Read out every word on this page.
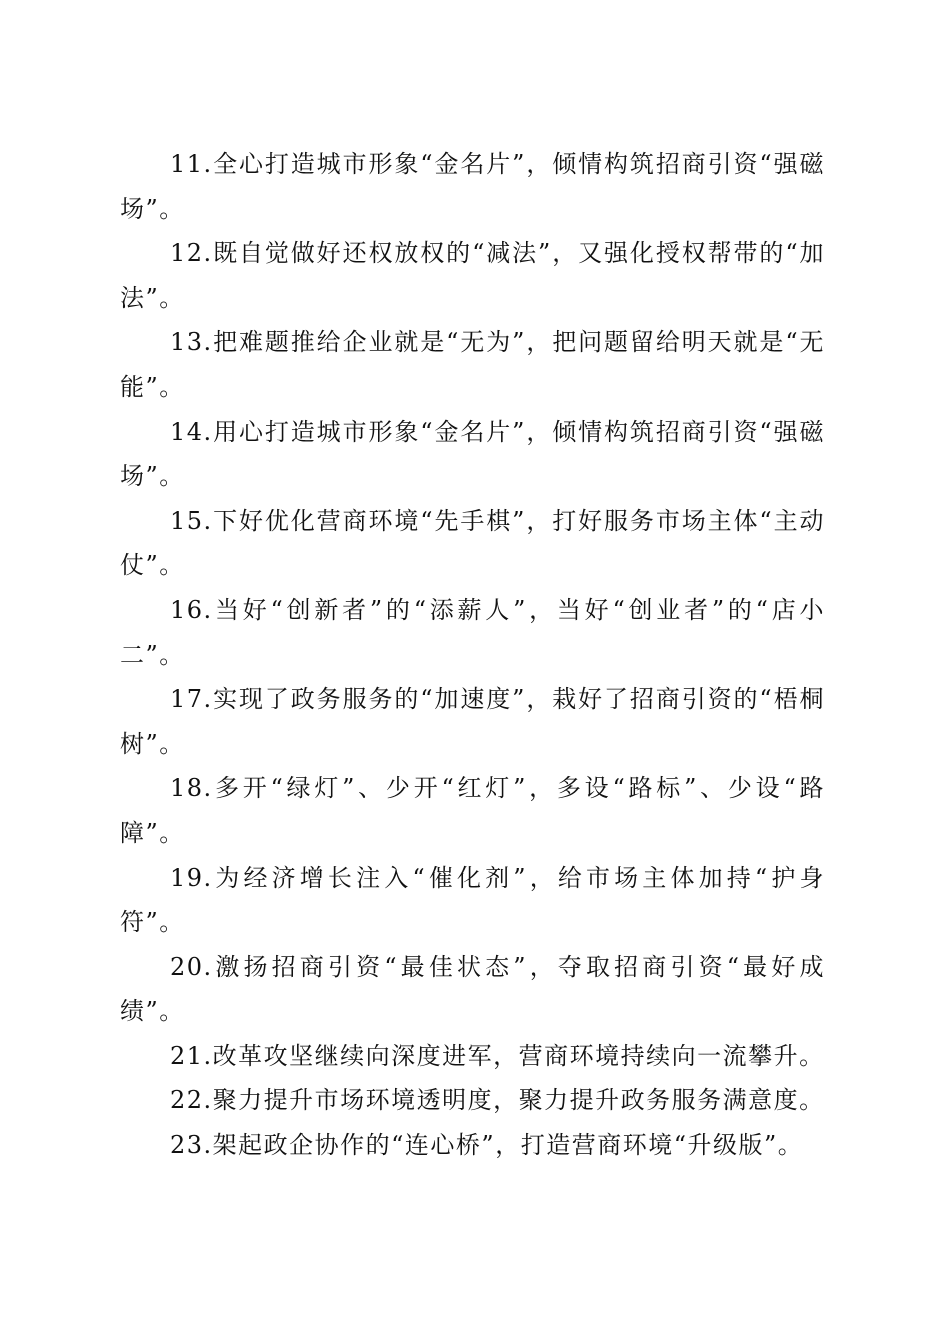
11.全心打造城市形象“金名片”，倾情构筑招商引资“强磁场”。

12.既自觉做好还权放权的“减法”，又强化授权帮带的“加法”。

13.把难题推给企业就是“无为”，把问题留给明天就是“无能”。

14.用心打造城市形象“金名片”，倾情构筑招商引资“强磁场”。

15.下好优化营商环境“先手棋”，打好服务市场主体“主动仗”。

16.当好“创新者”的“添薪人”，当好“创业者”的“店小二”。

17.实现了政务服务的“加速度”，栽好了招商引资的“梧桐树”。

18.多开“绿灯”、少开“红灯”，多设“路标”、少设“路障”。

19.为经济增长注入“催化剂”，给市场主体加持“护身符”。

20.激扬招商引资“最佳状态”，夺取招商引资“最好成绩”。

21.改革攻坚继续向深度进军，营商环境持续向一流攀升。

22.聚力提升市场环境透明度，聚力提升政务服务满意度。

23.架起政企协作的“连心桥”，打造营商环境“升级版”。
